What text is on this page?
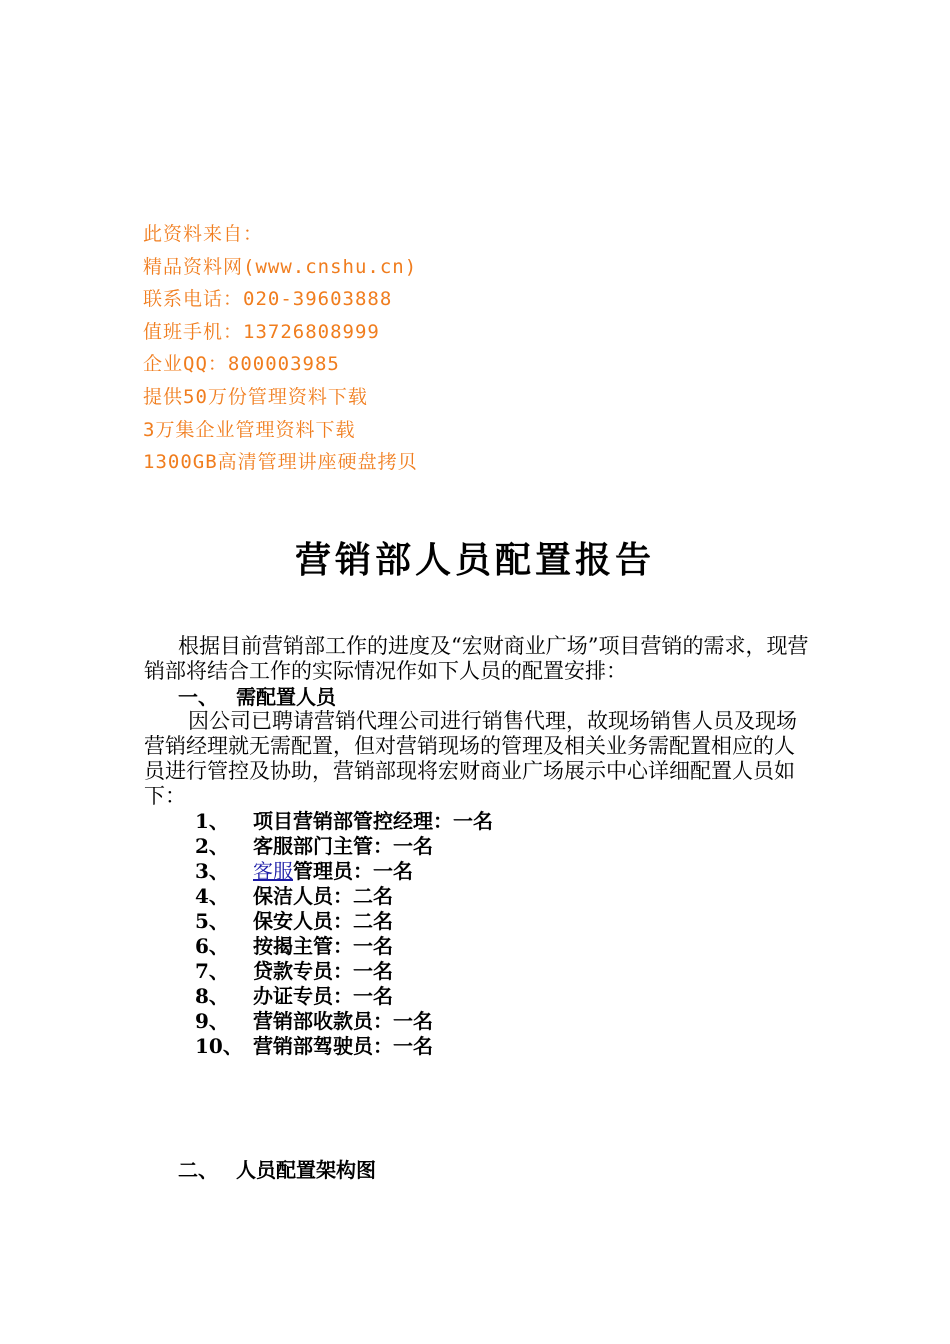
此资料来自：
精品资料网(www.cnshu.cn)
联系电话：020-39603888
值班手机：13726808999
企业QQ：800003985
提供50万份管理资料下载
3万集企业管理资料下载
1300GB高清管理讲座硬盘拷贝
营销部人员配置报告

根据目前营销部工作的进度及“宏财商业广场”项目营销的需求，现营销部将结合工作的实际情况作如下人员的配置安排：

一、 需配置人员

因公司已聘请营销代理公司进行销售代理，故现场销售人员及现场营销经理就无需配置，但对营销现场的管理及相关业务需配置相应的人员进行管控及协助，营销部现将宏财商业广场展示中心详细配置人员如下：

1、 项目营销部管控经理：一名
2、 客服部门主管：一名
3、 客服管理员：一名
4、 保洁人员：二名
5、 保安人员：二名
6、 按揭主管：一名
7、 贷款专员：一名
8、 办证专员：一名
9、 营销部收款员：一名
10、 营销部驾驶员：一名
二、 人员配置架构图
